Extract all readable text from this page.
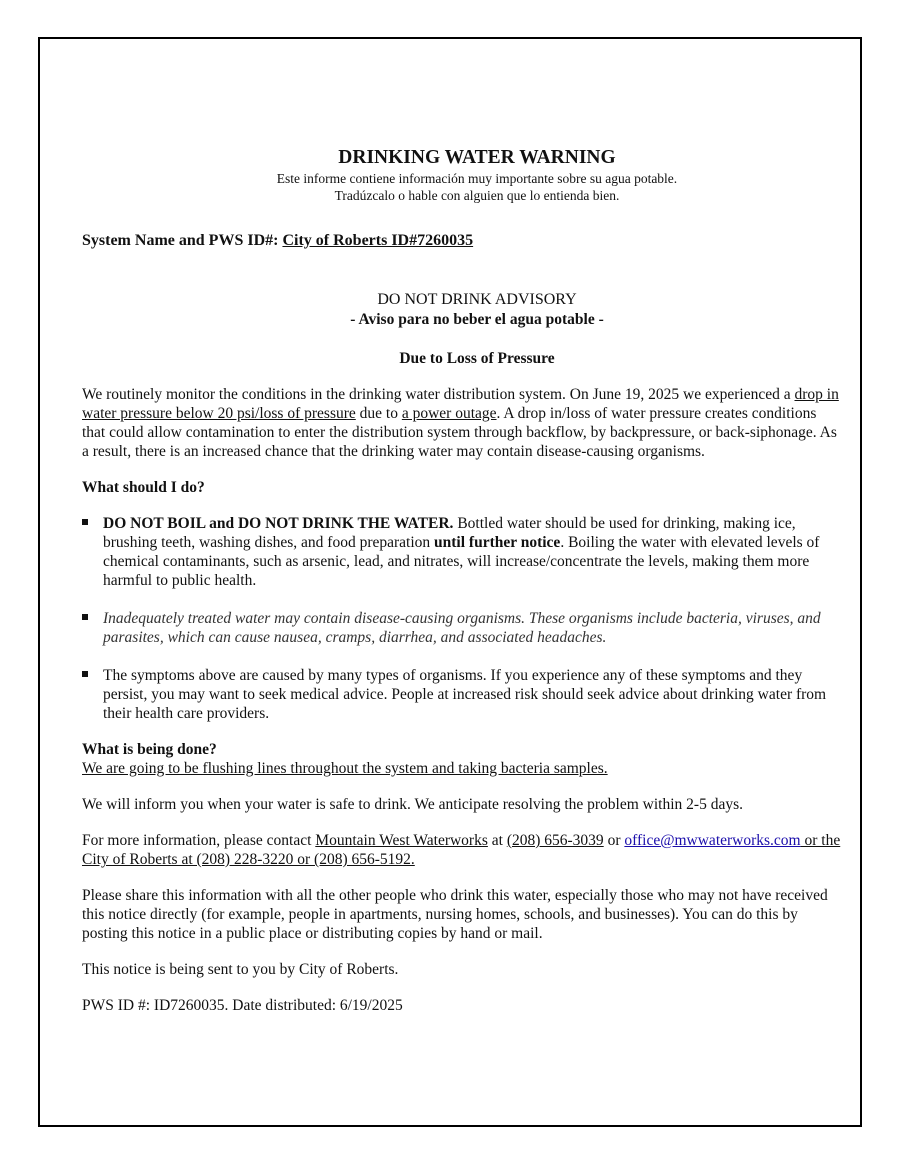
DRINKING WATER WARNING
Este informe contiene información muy importante sobre su agua potable.
Tradúzcalo o hable con alguien que lo entienda bien.
System Name and PWS ID#: City of Roberts ID#7260035
DO NOT DRINK ADVISORY
- Aviso para no beber el agua potable -
Due to Loss of Pressure

We routinely monitor the conditions in the drinking water distribution system. On June 19, 2025 we experienced a drop in water pressure below 20 psi/loss of pressure due to a power outage. A drop in/loss of water pressure creates conditions that could allow contamination to enter the distribution system through backflow, by backpressure, or back-siphonage. As a result, there is an increased chance that the drinking water may contain disease-causing organisms.

What should I do?

DO NOT BOIL and DO NOT DRINK THE WATER. Bottled water should be used for drinking, making ice, brushing teeth, washing dishes, and food preparation until further notice. Boiling the water with elevated levels of chemical contaminants, such as arsenic, lead, and nitrates, will increase/concentrate the levels, making them more harmful to public health.
Inadequately treated water may contain disease-causing organisms. These organisms include bacteria, viruses, and parasites, which can cause nausea, cramps, diarrhea, and associated headaches.
The symptoms above are caused by many types of organisms. If you experience any of these symptoms and they persist, you may want to seek medical advice. People at increased risk should seek advice about drinking water from their health care providers.

What is being done?

We are going to be flushing lines throughout the system and taking bacteria samples.

We will inform you when your water is safe to drink. We anticipate resolving the problem within 2-5 days.

For more information, please contact Mountain West Waterworks at (208) 656-3039 or office@mwwaterworks.com or the City of Roberts at (208) 228-3220 or (208) 656-5192.

Please share this information with all the other people who drink this water, especially those who may not have received this notice directly (for example, people in apartments, nursing homes, schools, and businesses). You can do this by posting this notice in a public place or distributing copies by hand or mail.

This notice is being sent to you by City of Roberts.

PWS ID #: ID7260035. Date distributed: 6/19/2025
